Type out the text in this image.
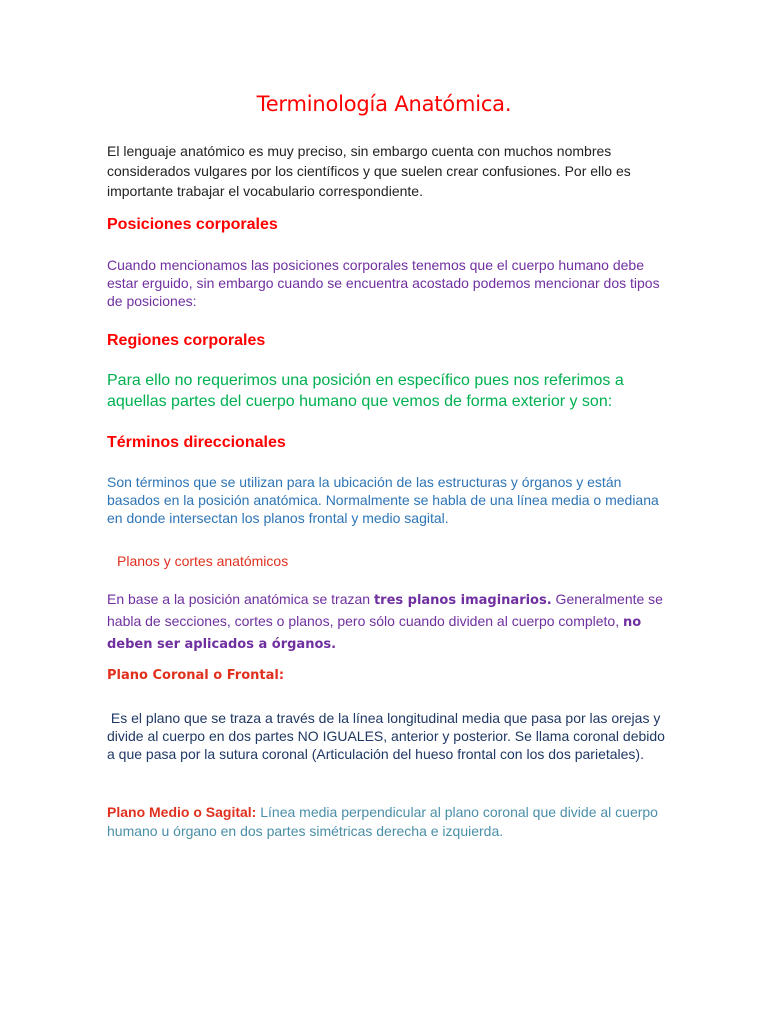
Terminología Anatómica.

El lenguaje anatómico es muy preciso, sin embargo cuenta con muchos nombres considerados vulgares por los científicos y que suelen crear confusiones. Por ello es importante trabajar el vocabulario correspondiente.

Posiciones corporales

Cuando mencionamos las posiciones corporales tenemos que el cuerpo humano debe estar erguido, sin embargo cuando se encuentra acostado podemos mencionar dos tipos de posiciones:

Regiones corporales

Para ello no requerimos una posición en específico pues nos referimos a aquellas partes del cuerpo humano que vemos de forma exterior y son:

Términos direccionales

Son términos que se utilizan para la ubicación de las estructuras y órganos y están basados en la posición anatómica. Normalmente se habla de una línea media o mediana en donde intersectan los planos frontal y medio sagital.

Planos y cortes anatómicos

En base a la posición anatómica se trazan tres planos imaginarios. Generalmente se habla de secciones, cortes o planos, pero sólo cuando dividen al cuerpo completo, no deben ser aplicados a órganos.

Plano Coronal o Frontal:

Es el plano que se traza a través de la línea longitudinal media que pasa por las orejas y divide al cuerpo en dos partes NO IGUALES, anterior y posterior. Se llama coronal debido a que pasa por la sutura coronal (Articulación del hueso frontal con los dos parietales).

Plano Medio o Sagital: Línea media perpendicular al plano coronal que divide al cuerpo humano u órgano en dos partes simétricas derecha e izquierda.
